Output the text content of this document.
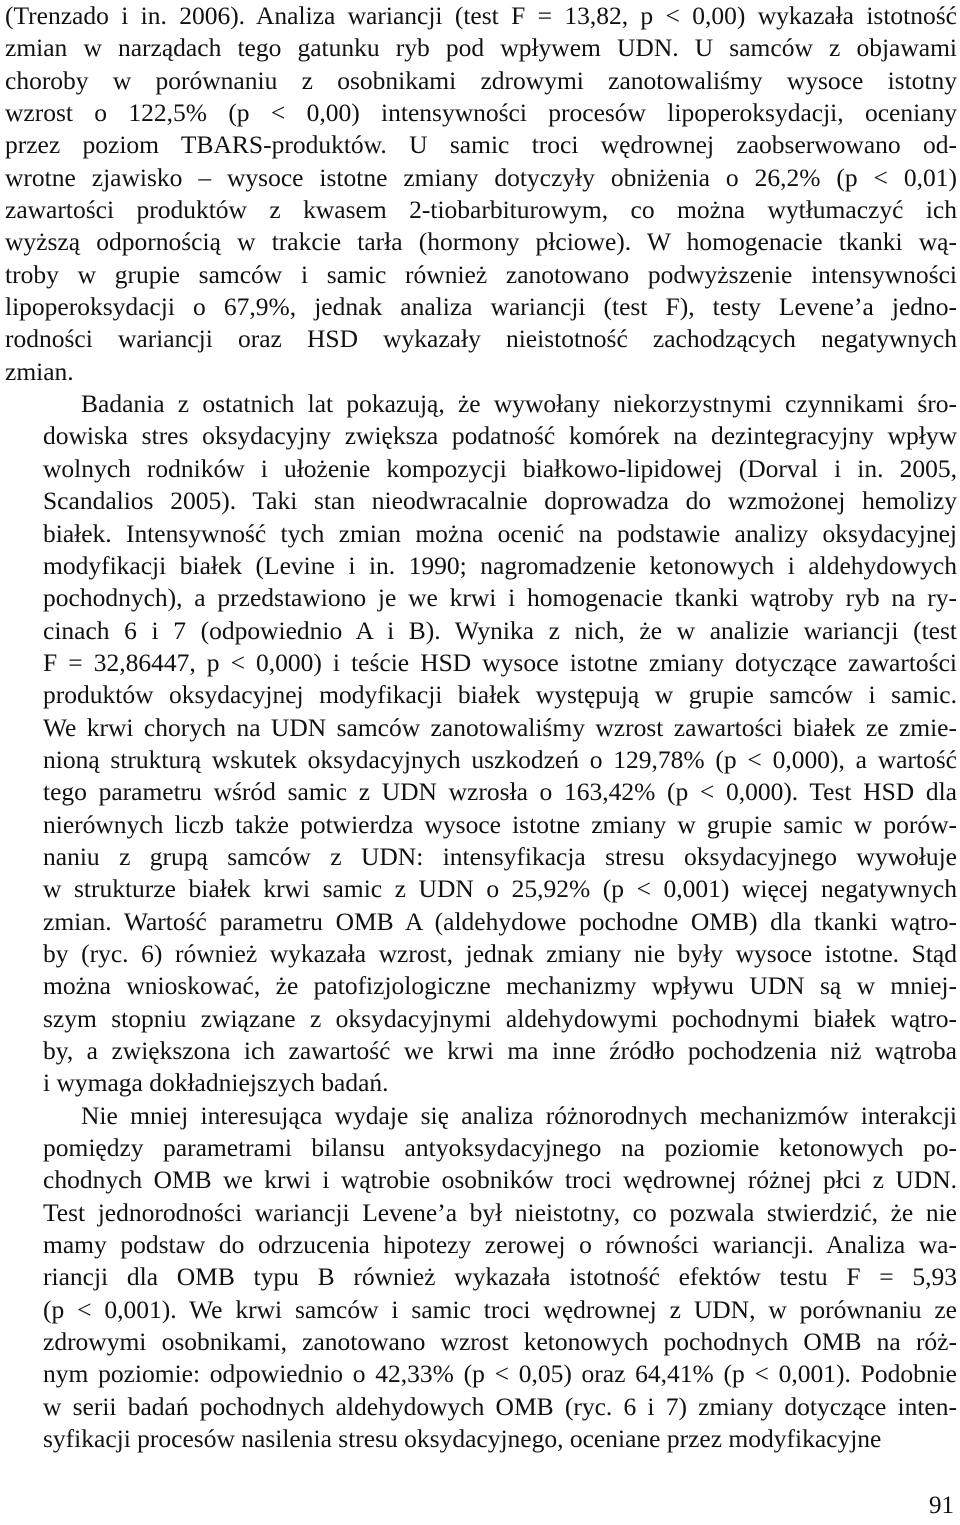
(Trenzado i in. 2006). Analiza wariancji (test F = 13,82, p < 0,00) wykazała istotność
zmian w narządach tego gatunku ryb pod wpływem UDN. U samców z objawami
choroby w porównaniu z osobnikami zdrowymi zanotowaliśmy wysoce istotny
wzrost o 122,5% (p < 0,00) intensywności procesów lipoperoksydacji, oceniany
przez poziom TBARS-produktów. U samic troci wędrownej zaobserwowano od-
wrotne zjawisko – wysoce istotne zmiany dotyczyły obniżenia o 26,2% (p < 0,01)
zawartości produktów z kwasem 2-tiobarbiturowym, co można wytłumaczyć ich
wyższą odpornością w trakcie tarła (hormony płciowe). W homogenacie tkanki wą-
troby w grupie samców i samic również zanotowano podwyższenie intensywności
lipoperoksydacji o 67,9%, jednak analiza wariancji (test F), testy Levene’a jedno-
rodności wariancji oraz HSD wykazały nieistotność zachodzących negatywnych
zmian.

Badania z ostatnich lat pokazują, że wywołany niekorzystnymi czynnikami śro-
dowiska stres oksydacyjny zwiększa podatność komórek na dezintegracyjny wpływ
wolnych rodników i ułożenie kompozycji białkowo-lipidowej (Dorval i in. 2005,
Scandalios 2005). Taki stan nieodwracalnie doprowadza do wzmożonej hemolizy
białek. Intensywność tych zmian można ocenić na podstawie analizy oksydacyjnej
modyfikacji białek (Levine i in. 1990; nagromadzenie ketonowych i aldehydowych
pochodnych), a przedstawiono je we krwi i homogenacie tkanki wątroby ryb na ry-
cinach 6 i 7 (odpowiednio A i B). Wynika z nich, że w analizie wariancji (test
F = 32,86447, p < 0,000) i teście HSD wysoce istotne zmiany dotyczące zawartości
produktów oksydacyjnej modyfikacji białek występują w grupie samców i samic.
We krwi chorych na UDN samców zanotowaliśmy wzrost zawartości białek ze zmie-
nioną strukturą wskutek oksydacyjnych uszkodzeń o 129,78% (p < 0,000), a wartość
tego parametru wśród samic z UDN wzrosła o 163,42% (p < 0,000). Test HSD dla
nierównych liczb także potwierdza wysoce istotne zmiany w grupie samic w porów-
naniu z grupą samców z UDN: intensyfikacja stresu oksydacyjnego wywołuje
w strukturze białek krwi samic z UDN o 25,92% (p < 0,001) więcej negatywnych
zmian. Wartość parametru OMB A (aldehydowe pochodne OMB) dla tkanki wątro-
by (ryc. 6) również wykazała wzrost, jednak zmiany nie były wysoce istotne. Stąd
można wnioskować, że patofizjologiczne mechanizmy wpływu UDN są w mniej-
szym stopniu związane z oksydacyjnymi aldehydowymi pochodnymi białek wątro-
by, a zwiększona ich zawartość we krwi ma inne źródło pochodzenia niż wątroba
i wymaga dokładniejszych badań.

Nie mniej interesująca wydaje się analiza różnorodnych mechanizmów interakcji
pomiędzy parametrami bilansu antyoksydacyjnego na poziomie ketonowych po-
chodnych OMB we krwi i wątrobie osobników troci wędrownej różnej płci z UDN.
Test jednorodności wariancji Levene’a był nieistotny, co pozwala stwierdzić, że nie
mamy podstaw do odrzucenia hipotezy zerowej o równości wariancji. Analiza wa-
riancji dla OMB typu B również wykazała istotność efektów testu F = 5,93
(p < 0,001). We krwi samców i samic troci wędrownej z UDN, w porównaniu ze
zdrowymi osobnikami, zanotowano wzrost ketonowych pochodnych OMB na róż-
nym poziomie: odpowiednio o 42,33% (p < 0,05) oraz 64,41% (p < 0,001). Podobnie
w serii badań pochodnych aldehydowych OMB (ryc. 6 i 7) zmiany dotyczące inten-
syfikacji procesów nasilenia stresu oksydacyjnego, oceniane przez modyfikacyjne

91
